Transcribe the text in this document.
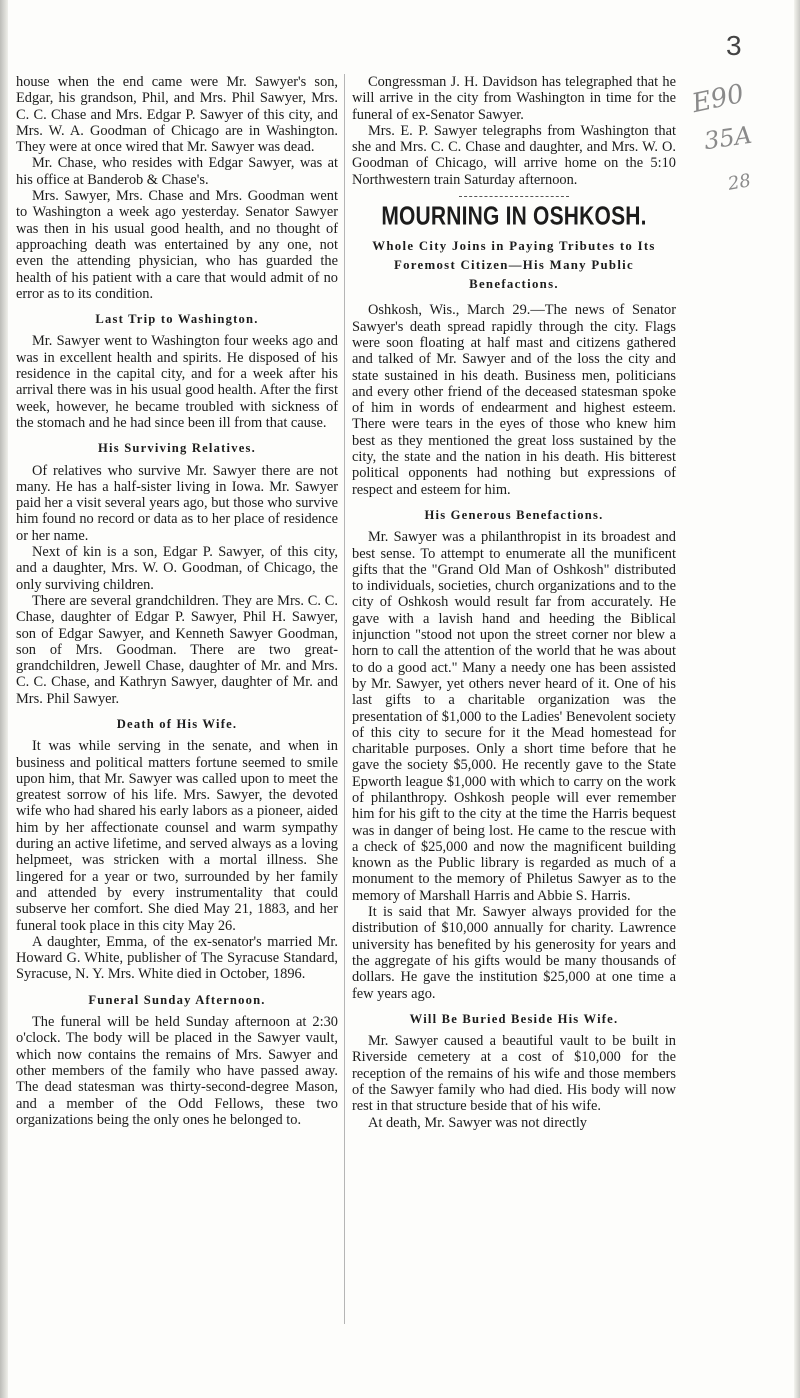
3
E90
35A
28

house when the end came were Mr. Sawyer's son, Edgar, his grandson, Phil, and Mrs. Phil Sawyer, Mrs. C. C. Chase and Mrs. Edgar P. Sawyer of this city, and Mrs. W. A. Goodman of Chicago are in Washington. They were at once wired that Mr. Sawyer was dead.

Mr. Chase, who resides with Edgar Sawyer, was at his office at Banderob & Chase's.

Mrs. Sawyer, Mrs. Chase and Mrs. Goodman went to Washington a week ago yesterday. Senator Sawyer was then in his usual good health, and no thought of approaching death was entertained by any one, not even the attending physician, who has guarded the health of his patient with a care that would admit of no error as to its condition.

Last Trip to Washington.

Mr. Sawyer went to Washington four weeks ago and was in excellent health and spirits. He disposed of his residence in the capital city, and for a week after his arrival there was in his usual good health. After the first week, however, he became troubled with sickness of the stomach and he had since been ill from that cause.

His Surviving Relatives.

Of relatives who survive Mr. Sawyer there are not many. He has a half-sister living in Iowa. Mr. Sawyer paid her a visit several years ago, but those who survive him found no record or data as to her place of residence or her name.

Next of kin is a son, Edgar P. Sawyer, of this city, and a daughter, Mrs. W. O. Goodman, of Chicago, the only surviving children.

There are several grandchildren. They are Mrs. C. C. Chase, daughter of Edgar P. Sawyer, Phil H. Sawyer, son of Edgar Sawyer, and Kenneth Sawyer Goodman, son of Mrs. Goodman. There are two great-grandchildren, Jewell Chase, daughter of Mr. and Mrs. C. C. Chase, and Kathryn Sawyer, daughter of Mr. and Mrs. Phil Sawyer.

Death of His Wife.

It was while serving in the senate, and when in business and political matters fortune seemed to smile upon him, that Mr. Sawyer was called upon to meet the greatest sorrow of his life. Mrs. Sawyer, the devoted wife who had shared his early labors as a pioneer, aided him by her affectionate counsel and warm sympathy during an active lifetime, and served always as a loving helpmeet, was stricken with a mortal illness. She lingered for a year or two, surrounded by her family and attended by every instrumentality that could subserve her comfort. She died May 21, 1883, and her funeral took place in this city May 26.

A daughter, Emma, of the ex-senator's married Mr. Howard G. White, publisher of The Syracuse Standard, Syracuse, N. Y. Mrs. White died in October, 1896.

Funeral Sunday Afternoon.

The funeral will be held Sunday afternoon at 2:30 o'clock. The body will be placed in the Sawyer vault, which now contains the remains of Mrs. Sawyer and other members of the family who have passed away. The dead statesman was thirty-second-degree Mason, and a member of the Odd Fellows, these two organizations being the only ones he belonged to.

Congressman J. H. Davidson has telegraphed that he will arrive in the city from Washington in time for the funeral of ex-Senator Sawyer.

Mrs. E. P. Sawyer telegraphs from Washington that she and Mrs. C. C. Chase and daughter, and Mrs. W. O. Goodman of Chicago, will arrive home on the 5:10 Northwestern train Saturday afternoon.

MOURNING IN OSHKOSH.
Whole City Joins in Paying Tributes to Its Foremost Citizen—His Many Public Benefactions.

Oshkosh, Wis., March 29.—The news of Senator Sawyer's death spread rapidly through the city. Flags were soon floating at half mast and citizens gathered and talked of Mr. Sawyer and of the loss the city and state sustained in his death. Business men, politicians and every other friend of the deceased statesman spoke of him in words of endearment and highest esteem. There were tears in the eyes of those who knew him best as they mentioned the great loss sustained by the city, the state and the nation in his death. His bitterest political opponents had nothing but expressions of respect and esteem for him.

His Generous Benefactions.

Mr. Sawyer was a philanthropist in its broadest and best sense. To attempt to enumerate all the munificent gifts that the "Grand Old Man of Oshkosh" distributed to individuals, societies, church organizations and to the city of Oshkosh would result far from accurately. He gave with a lavish hand and heeding the Biblical injunction "stood not upon the street corner nor blew a horn to call the attention of the world that he was about to do a good act." Many a needy one has been assisted by Mr. Sawyer, yet others never heard of it. One of his last gifts to a charitable organization was the presentation of $1,000 to the Ladies' Benevolent society of this city to secure for it the Mead homestead for charitable purposes. Only a short time before that he gave the society $5,000. He recently gave to the State Epworth league $1,000 with which to carry on the work of philanthropy. Oshkosh people will ever remember him for his gift to the city at the time the Harris bequest was in danger of being lost. He came to the rescue with a check of $25,000 and now the magnificent building known as the Public library is regarded as much of a monument to the memory of Philetus Sawyer as to the memory of Marshall Harris and Abbie S. Harris.

It is said that Mr. Sawyer always provided for the distribution of $10,000 annually for charity. Lawrence university has benefited by his generosity for years and the aggregate of his gifts would be many thousands of dollars. He gave the institution $25,000 at one time a few years ago.

Will Be Buried Beside His Wife.

Mr. Sawyer caused a beautiful vault to be built in Riverside cemetery at a cost of $10,000 for the reception of the remains of his wife and those members of the Sawyer family who had died. His body will now rest in that structure beside that of his wife.

At death, Mr. Sawyer was not directly
